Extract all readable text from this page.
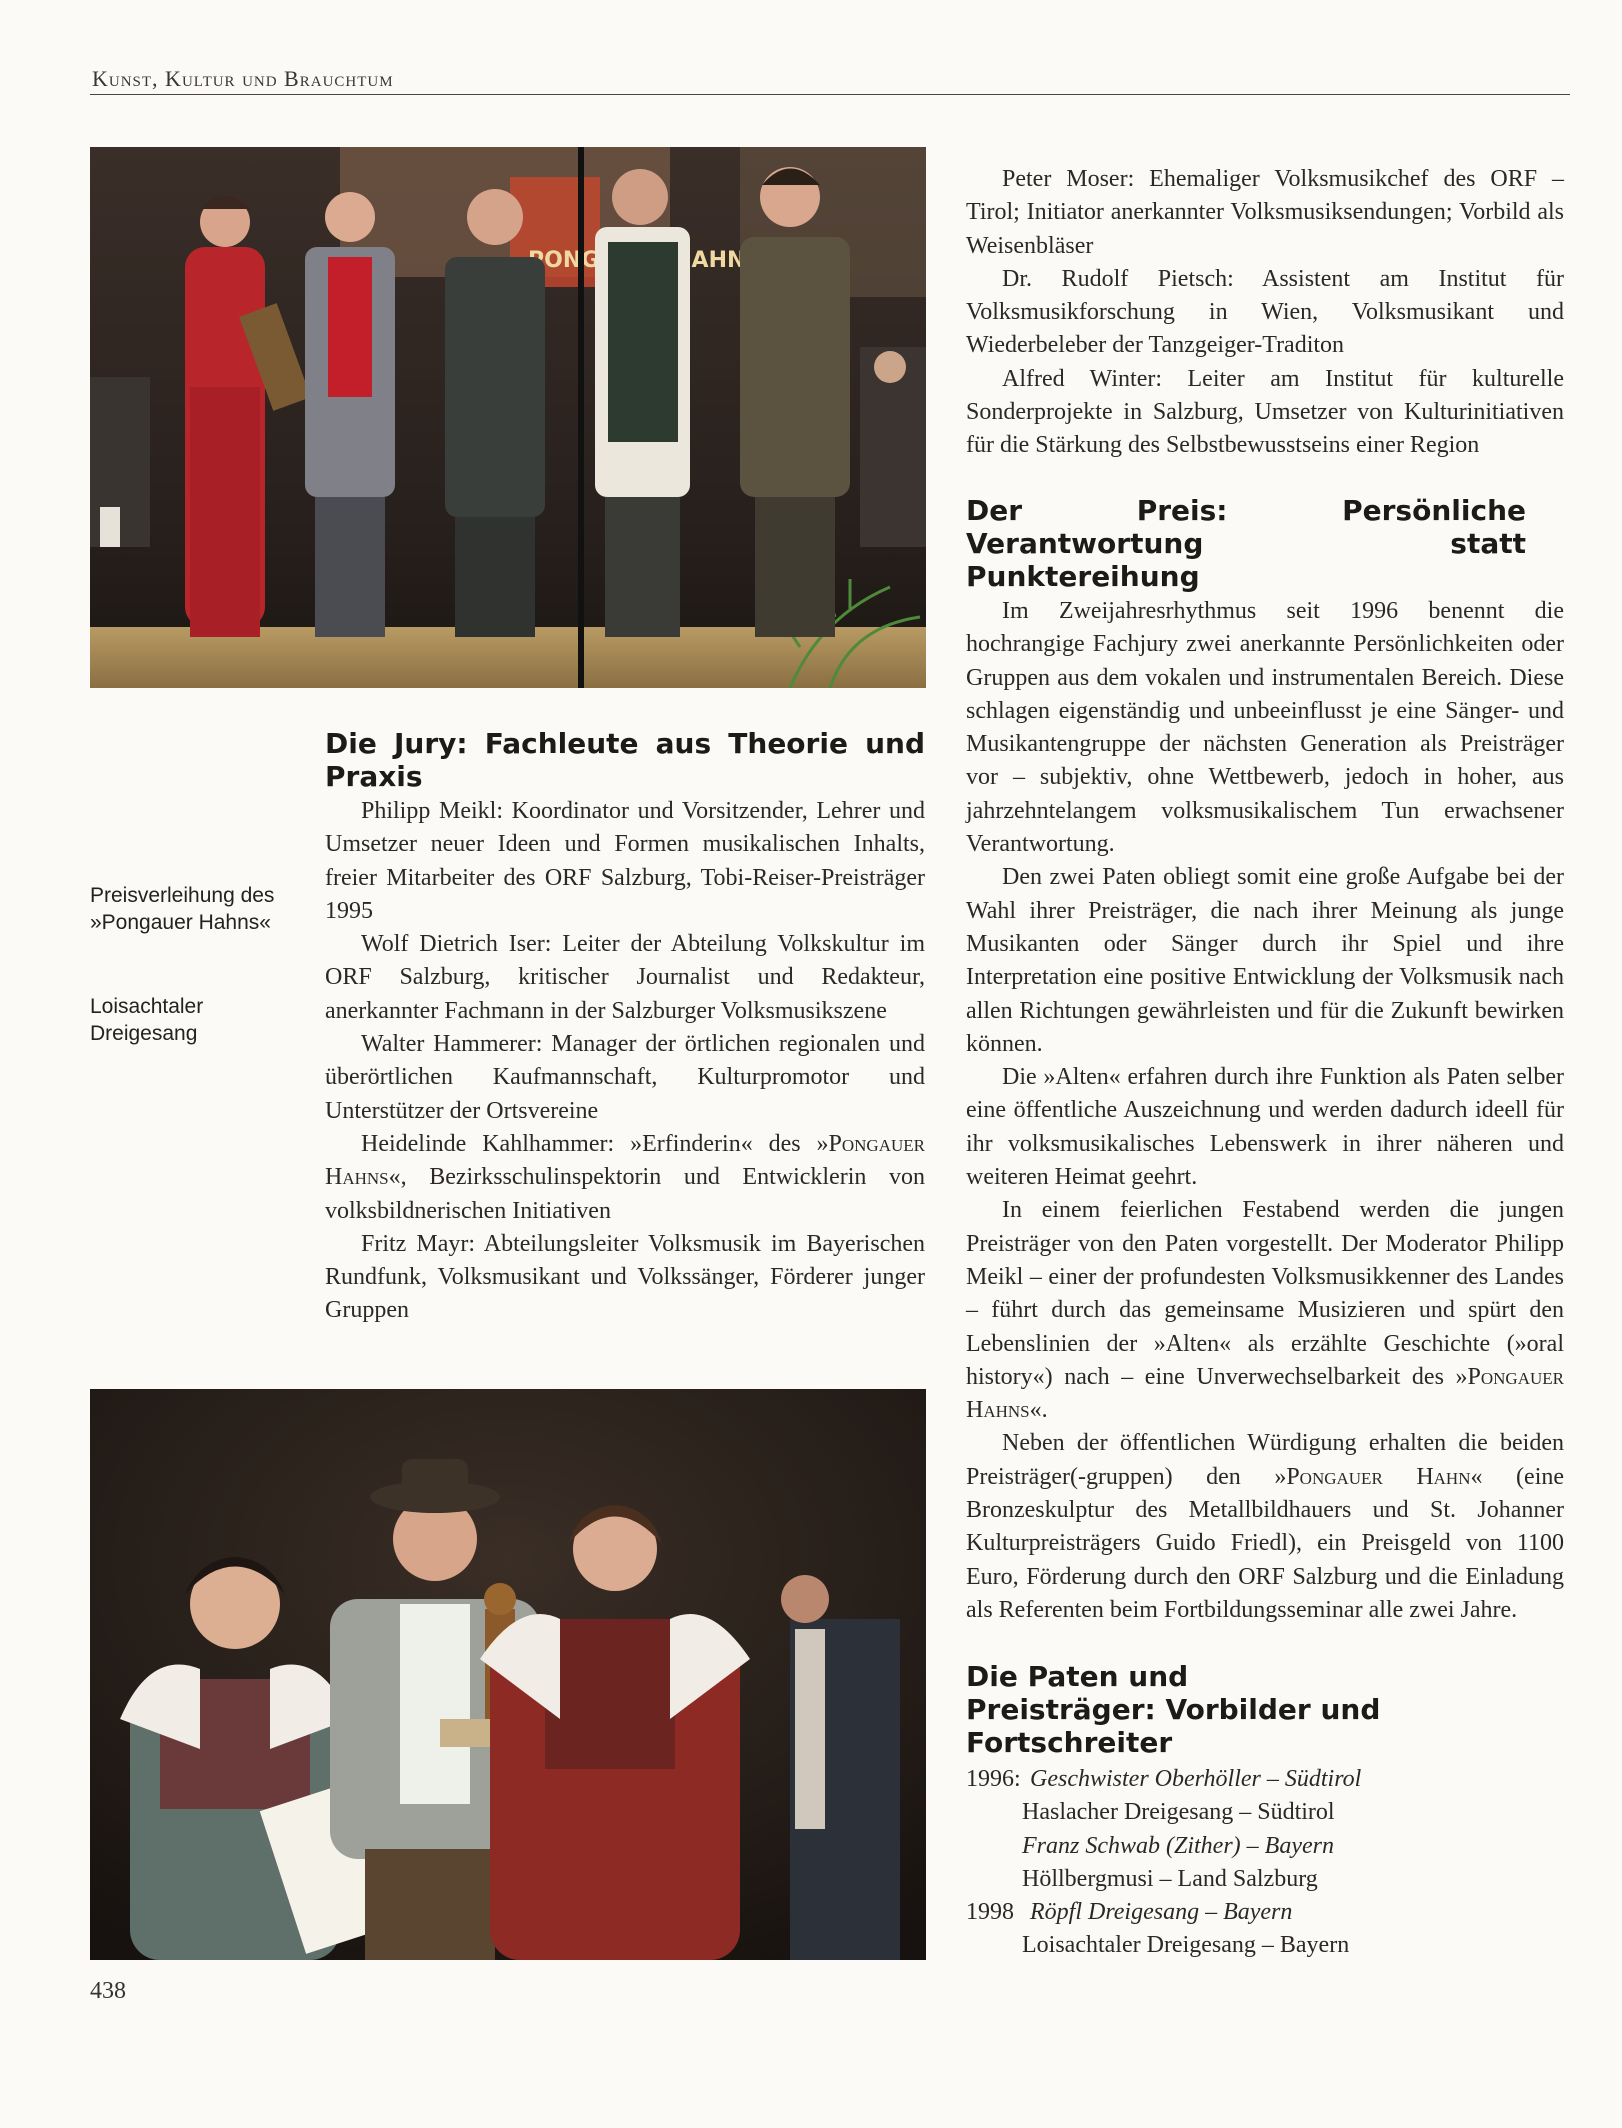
Kunst, Kultur und Brauchtum
HAHN
Preisverleihung des »Pongauer Hahns«
Loisachtaler Dreigesang
Die Jury: Fachleute aus Theorie und Praxis

Philipp Meikl: Koordinator und Vorsitzender, Lehrer und Umsetzer neuer Ideen und Formen musikalischen Inhalts, freier Mitarbeiter des ORF Salzburg, Tobi-Reiser-Preisträger 1995

Wolf Dietrich Iser: Leiter der Abteilung Volkskultur im ORF Salzburg, kritischer Journalist und Redakteur, anerkannter Fachmann in der Salzburger Volksmusikszene

Walter Hammerer: Manager der örtlichen regionalen und überörtlichen Kaufmannschaft, Kulturpromotor und Unterstützer der Ortsvereine

Heidelinde Kahlhammer: »Erfinderin« des »Pongauer Hahns«, Bezirksschulinspektorin und Entwicklerin von volksbildnerischen Initiativen

Fritz Mayr: Abteilungsleiter Volksmusik im Bayerischen Rundfunk, Volksmusikant und Volkssänger, Förderer junger Gruppen

Peter Moser: Ehemaliger Volksmusikchef des ORF – Tirol; Initiator anerkannter Volksmusiksendungen; Vorbild als Weisenbläser

Dr. Rudolf Pietsch: Assistent am Institut für Volksmusikforschung in Wien, Volksmusikant und Wiederbeleber der Tanzgeiger-Traditon

Alfred Winter: Leiter am Institut für kulturelle Sonderprojekte in Salzburg, Umsetzer von Kulturinitiativen für die Stärkung des Selbstbewusstseins einer Region

Der Preis: Persönliche Verantwortung statt Punktereihung

Im Zweijahresrhythmus seit 1996 benennt die hochrangige Fachjury zwei anerkannte Persönlichkeiten oder Gruppen aus dem vokalen und instrumentalen Bereich. Diese schlagen eigenständig und unbeeinflusst je eine Sänger- und Musikantengruppe der nächsten Generation als Preisträger vor – subjektiv, ohne Wettbewerb, jedoch in hoher, aus jahrzehntelangem volksmusikalischem Tun erwachsener Verantwortung.

Den zwei Paten obliegt somit eine große Aufgabe bei der Wahl ihrer Preisträger, die nach ihrer Meinung als junge Musikanten oder Sänger durch ihr Spiel und ihre Interpretation eine positive Entwicklung der Volksmusik nach allen Richtungen gewährleisten und für die Zukunft bewirken können.

Die »Alten« erfahren durch ihre Funktion als Paten selber eine öffentliche Auszeichnung und werden dadurch ideell für ihr volksmusikalisches Lebenswerk in ihrer näheren und weiteren Heimat geehrt.

In einem feierlichen Festabend werden die jungen Preisträger von den Paten vorgestellt. Der Moderator Philipp Meikl – einer der profundesten Volksmusikkenner des Landes – führt durch das gemeinsame Musizieren und spürt den Lebenslinien der »Alten« als erzählte Geschichte (»oral history«) nach – eine Unverwechselbarkeit des »Pongauer Hahns«.

Neben der öffentlichen Würdigung erhalten die beiden Preisträger(-gruppen) den »Pongauer Hahn« (eine Bronzeskulptur des Metallbildhauers und St. Johanner Kulturpreisträgers Guido Friedl), ein Preisgeld von 1100 Euro, Förderung durch den ORF Salzburg und die Einladung als Referenten beim Fortbildungsseminar alle zwei Jahre.

Die Paten und Preisträger: Vorbilder und Fortschreiter
1996: Geschwister Oberhöller – Südtirol
Haslacher Dreigesang – Südtirol
Franz Schwab (Zither) – Bayern
Höllbergmusi – Land Salzburg
1998 Röpfl Dreigesang – Bayern
Loisachtaler Dreigesang – Bayern
438
